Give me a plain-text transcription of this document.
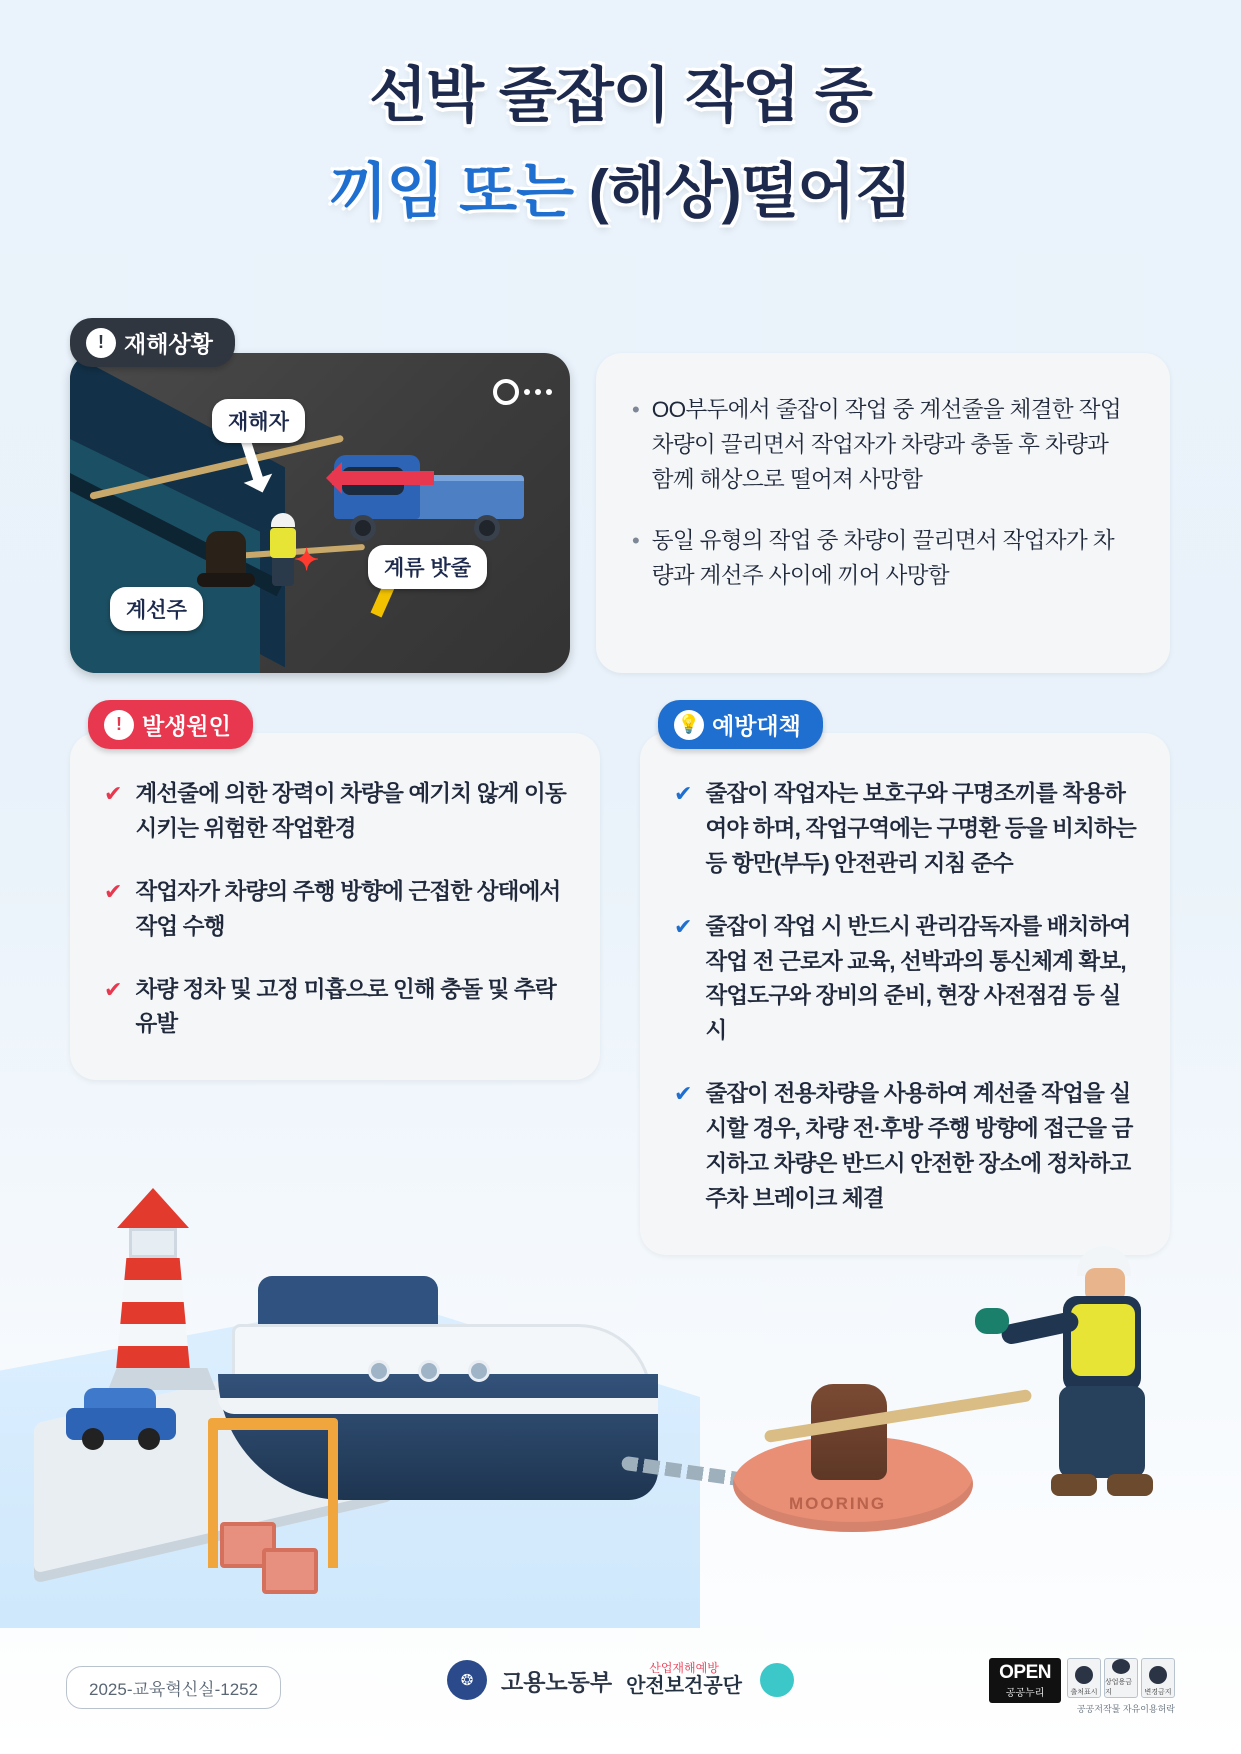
선박 줄잡이 작업 중
끼임 또는 (해상)떨어짐
! 재해상황
✦
재해자
계선주
계류 밧줄
• OO부두에서 줄잡이 작업 중 계선줄을 체결한 작업차량이 끌리면서 작업자가 차량과 충돌 후 차량과 함께 해상으로 떨어져 사망함

• 동일 유형의 작업 중 차량이 끌리면서 작업자가 차량과 계선주 사이에 끼어 사망함

! 발생원인
✔ 계선줄에 의한 장력이 차량을 예기치 않게 이동시키는 위험한 작업환경

✔ 작업자가 차량의 주행 방향에 근접한 상태에서 작업 수행

✔ 차량 정차 및 고정 미흡으로 인해 충돌 및 추락 유발

💡 예방대책
✔ 줄잡이 작업자는 보호구와 구명조끼를 착용하여야 하며, 작업구역에는 구명환 등을 비치하는 등 항만(부두) 안전관리 지침 준수

✔ 줄잡이 작업 시 반드시 관리감독자를 배치하여 작업 전 근로자 교육, 선박과의 통신체계 확보, 작업도구와 장비의 준비, 현장 사전점검 등 실시

✔ 줄잡이 전용차량을 사용하여 계선줄 작업을 실시할 경우, 차량 전·후방 주행 방향에 접근을 금지하고 차량은 반드시 안전한 장소에 정차하고 주차 브레이크 체결

MOORING
2025-교육혁신실-1252	❂	고용노동부
산업재해예방
안전보건공단
OPEN
공공누리	출처표시
상업용금지	변경금지
공공저작물 자유이용허락
